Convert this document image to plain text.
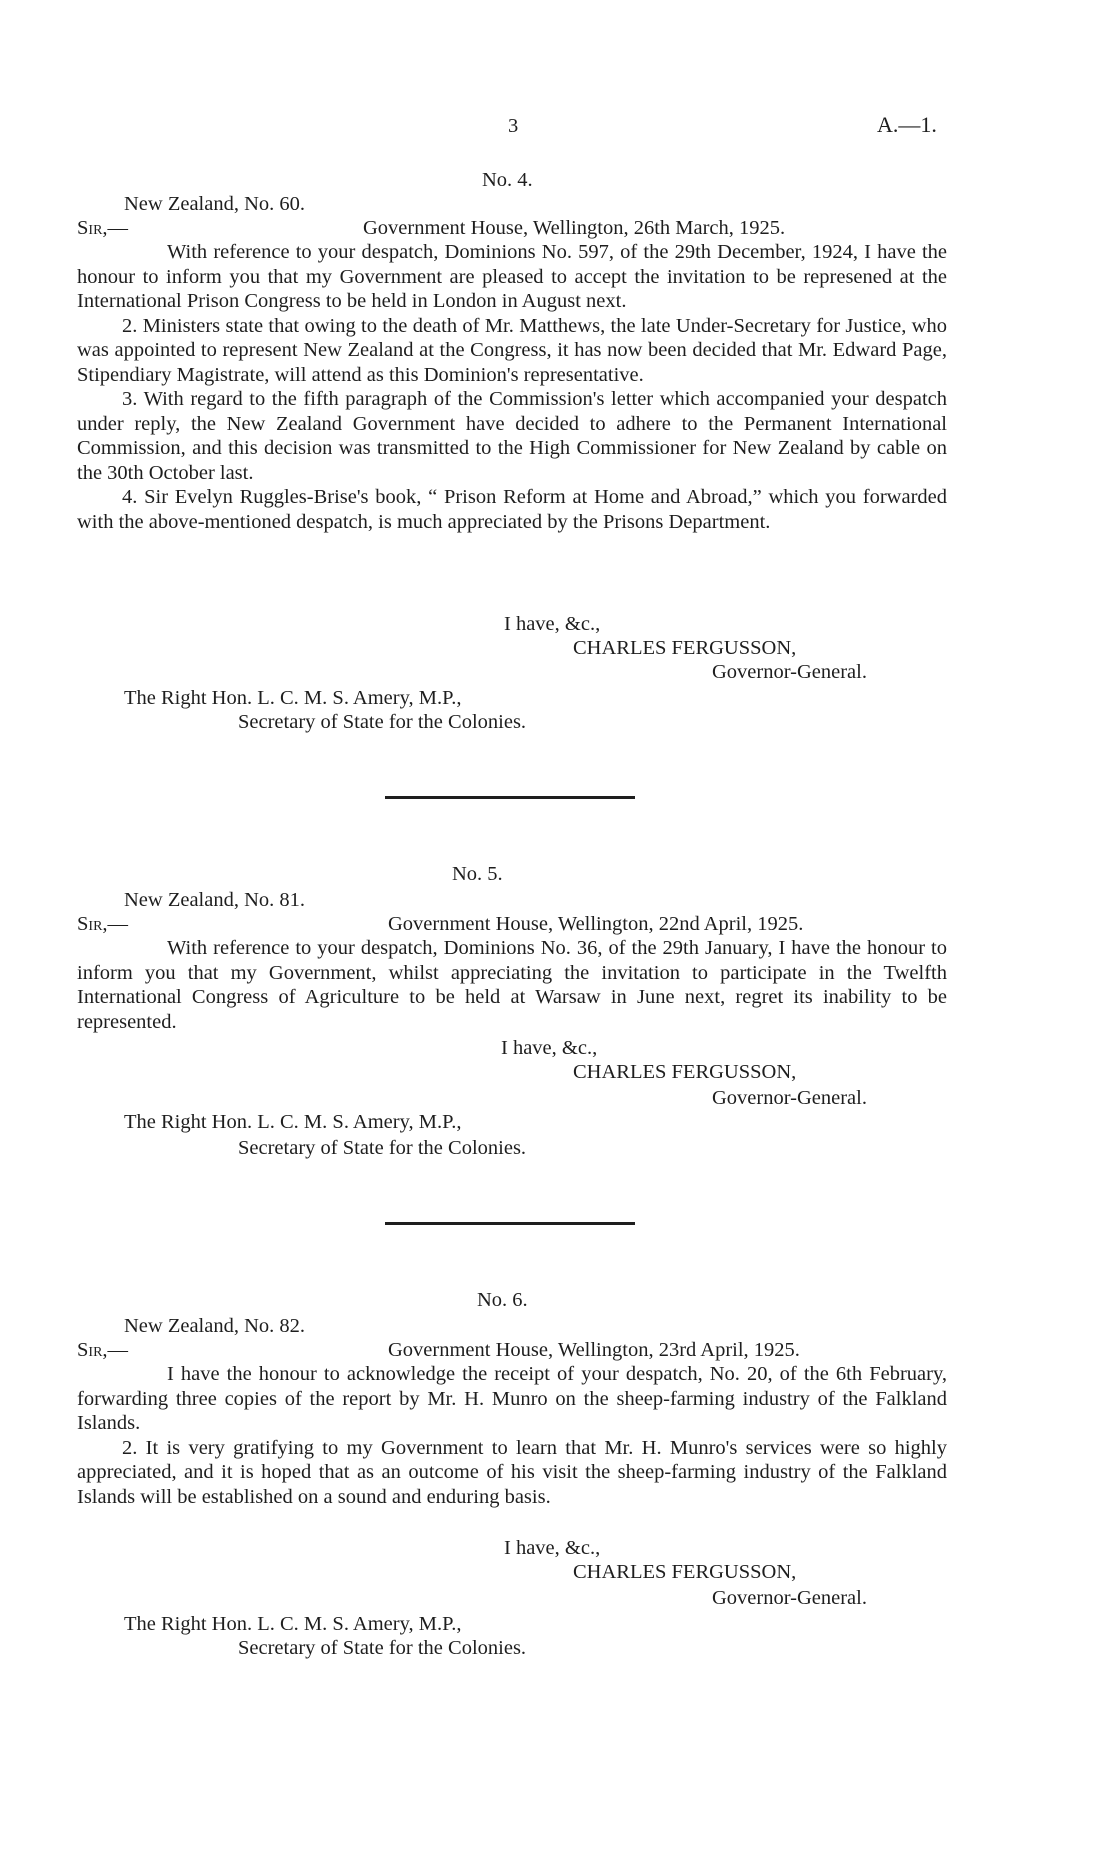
3	A.—1.
No. 4.
New Zealand, No. 60.
Sir,—	Government House, Wellington, 26th March, 1925.

With reference to your despatch, Dominions No. 597, of the 29th December, 1924, I have the honour to inform you that my Government are pleased to accept the invitation to be represened at the International Prison Congress to be held in London in August next.

2. Ministers state that owing to the death of Mr. Matthews, the late Under-Secretary for Justice, who was appointed to represent New Zealand at the Congress, it has now been decided that Mr. Edward Page, Stipendiary Magistrate, will attend as this Dominion's representative.

3. With regard to the fifth paragraph of the Commission's letter which accompanied your despatch under reply, the New Zealand Government have decided to adhere to the Permanent International Commission, and this decision was transmitted to the High Commissioner for New Zealand by cable on the 30th October last.

4. Sir Evelyn Ruggles-Brise's book, “ Prison Reform at Home and Abroad,” which you forwarded with the above-mentioned despatch, is much appreciated by the Prisons Department.

I have, &c.,
CHARLES FERGUSSON,
Governor-General.
The Right Hon. L. C. M. S. Amery, M.P.,
Secretary of State for the Colonies.
No. 5.
New Zealand, No. 81.
Sir,—	Government House, Wellington, 22nd April, 1925.

With reference to your despatch, Dominions No. 36, of the 29th January, I have the honour to inform you that my Government, whilst appreciating the invitation to participate in the Twelfth International Congress of Agriculture to be held at Warsaw in June next, regret its inability to be represented.

I have, &c.,
CHARLES FERGUSSON,
Governor-General.
The Right Hon. L. C. M. S. Amery, M.P.,
Secretary of State for the Colonies.
No. 6.
New Zealand, No. 82.
Sir,—	Government House, Wellington, 23rd April, 1925.

I have the honour to acknowledge the receipt of your despatch, No. 20, of the 6th February, forwarding three copies of the report by Mr. H. Munro on the sheep-farming industry of the Falkland Islands.

2. It is very gratifying to my Government to learn that Mr. H. Munro's services were so highly appreciated, and it is hoped that as an outcome of his visit the sheep-farming industry of the Falkland Islands will be established on a sound and enduring basis.

I have, &c.,
CHARLES FERGUSSON,
Governor-General.
The Right Hon. L. C. M. S. Amery, M.P.,
Secretary of State for the Colonies.
